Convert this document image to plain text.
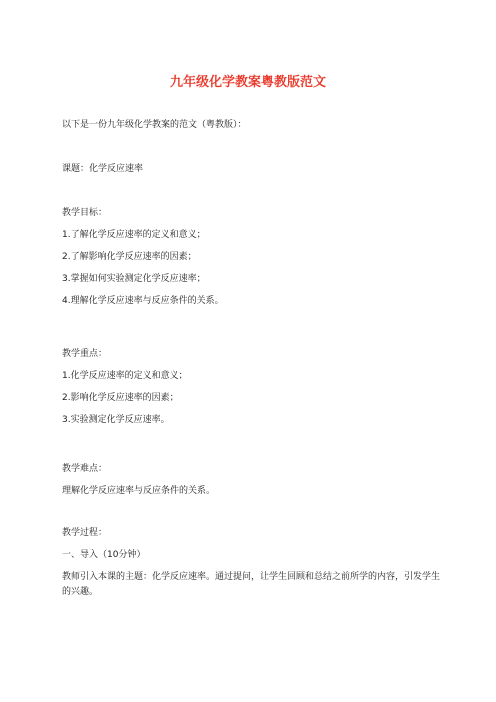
九年级化学教案粤教版范文
以下是一份九年级化学教案的范文（粤教版）：
课题：化学反应速率
教学目标：
1.了解化学反应速率的定义和意义；
2.了解影响化学反应速率的因素；
3.掌握如何实验测定化学反应速率；
4.理解化学反应速率与反应条件的关系。
教学重点：
1.化学反应速率的定义和意义；
2.影响化学反应速率的因素；
3.实验测定化学反应速率。
教学难点：
理解化学反应速率与反应条件的关系。
教学过程：
一、导入（10分钟）
教师引入本课的主题：化学反应速率。通过提问，让学生回顾和总结之前所学的内容，引发学生的兴趣。
